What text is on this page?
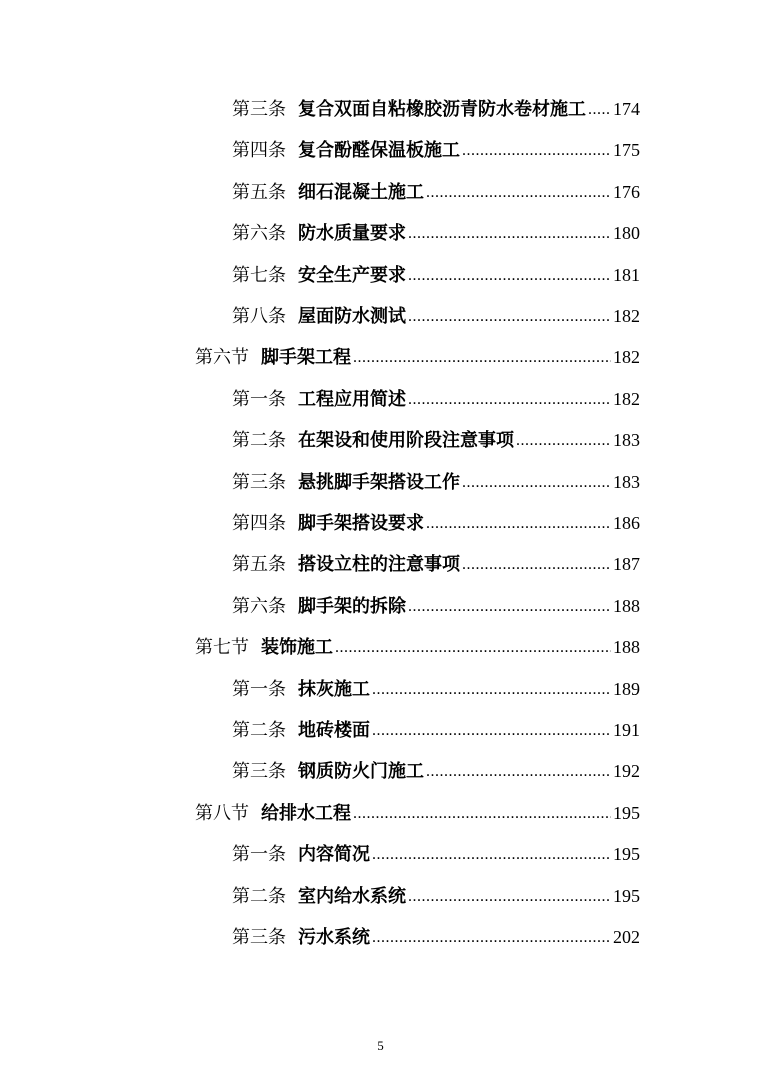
第三条 复合双面自粘橡胶沥青防水卷材施工 ..... 174
第四条 复合酚醛保温板施工 .....	175
第五条 细石混凝土施工 .....	176
第六条 防水质量要求 .....	180
第七条 安全生产要求 .....	181
第八条 屋面防水测试 .....	182
第六节 脚手架工程 .....	182
第一条 工程应用简述 .....	182
第二条 在架设和使用阶段注意事项 .....	183
第三条 悬挑脚手架搭设工作 .....	183
第四条 脚手架搭设要求 .....	186
第五条 搭设立柱的注意事项 .....	187
第六条 脚手架的拆除 .....	188
第七节 装饰施工 .....	188
第一条 抹灰施工 .....	189
第二条 地砖楼面 .....	191
第三条 钢质防火门施工 .....	192
第八节 给排水工程 .....	195
第一条 内容简况 .....	195
第二条 室内给水系统 .....	195
第三条 污水系统 .....	202
5
